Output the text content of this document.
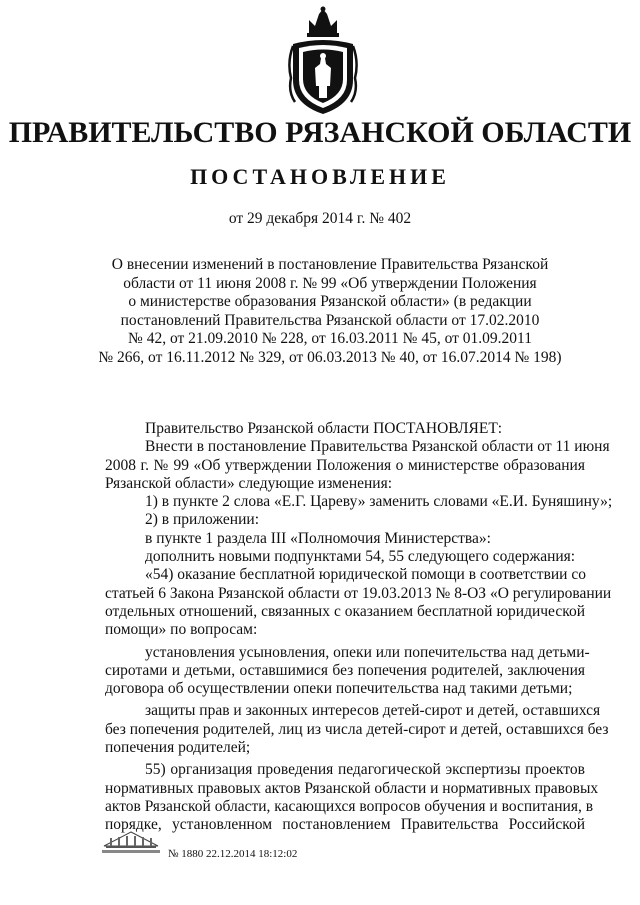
ПРАВИТЕЛЬСТВО РЯЗАНСКОЙ ОБЛАСТИ
ПОСТАНОВЛЕНИЕ
от 29 декабря 2014 г. № 402
О внесении изменений в постановление Правительства Рязанской
области от 11 июня 2008 г. № 99 «Об утверждении Положения
о министерстве образования Рязанской области» (в редакции
постановлений Правительства Рязанской области от 17.02.2010
№ 42, от 21.09.2010 № 228, от 16.03.2011 № 45, от 01.09.2011
№ 266, от 16.11.2012 № 329, от 06.03.2013 № 40, от 16.07.2014 № 198)
Правительство Рязанской области ПОСТАНОВЛЯЕТ:
Внести в постановление Правительства Рязанской области от 11 июня
2008 г. № 99 «Об утверждении Положения о министерстве образования
Рязанской области» следующие изменения:
1) в пункте 2 слова «Е.Г. Цареву» заменить словами «Е.И. Буняшину»;
2) в приложении:
в пункте 1 раздела III «Полномочия Министерства»:
дополнить новыми подпунктами 54, 55 следующего содержания:
«54) оказание бесплатной юридической помощи в соответствии со
статьей 6 Закона Рязанской области от 19.03.2013 № 8-ОЗ «О регулировании
отдельных отношений, связанных с оказанием бесплатной юридической
помощи» по вопросам:
установления усыновления, опеки или попечительства над детьми-
сиротами и детьми, оставшимися без попечения родителей, заключения
договора об осуществлении опеки попечительства над такими детьми;
защиты прав и законных интересов детей-сирот и детей, оставшихся
без попечения родителей, лиц из числа детей-сирот и детей, оставшихся без
попечения родителей;
55) организация проведения педагогической экспертизы проектов
нормативных правовых актов Рязанской области и нормативных правовых
актов Рязанской области, касающихся вопросов обучения и воспитания, в
порядке, установленном постановлением Правительства Российской
№ 1880 22.12.2014 18:12:02
